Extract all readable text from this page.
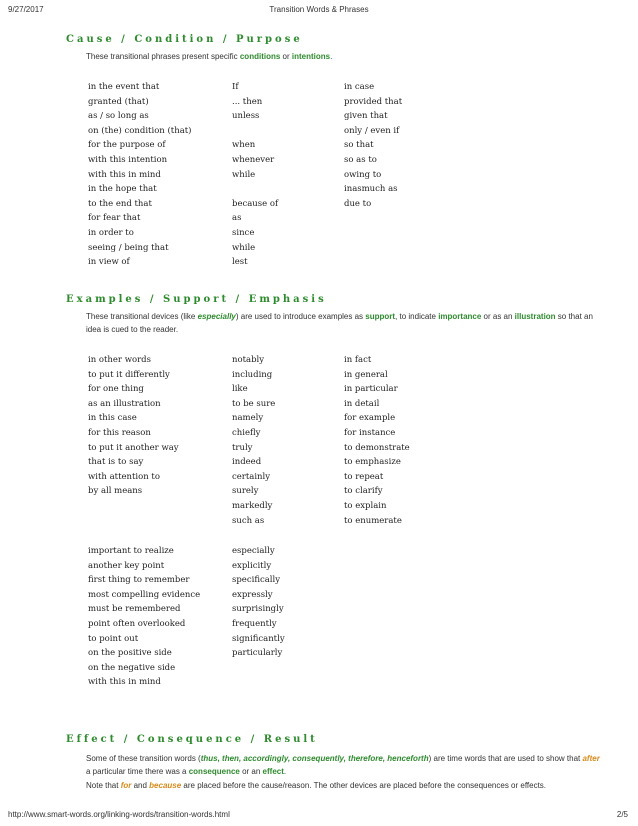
9/27/2017	Transition Words & Phrases
Cause / Condition / Purpose
These transitional phrases present specific conditions or intentions.
in the event that
granted (that)
as / so long as
on (the) condition (that)
for the purpose of
with this intention
with this in mind
in the hope that
to the end that
for fear that
in order to
seeing / being that
in view of
If
... then
unless
when
whenever
while
because of
as
since
while
lest
in case
provided that
given that
only / even if
so that
so as to
owing to
inasmuch as
due to
Examples / Support / Emphasis
These transitional devices (like especially) are used to introduce examples as support, to indicate importance or as an illustration so that an idea is cued to the reader.
in other words
to put it differently
for one thing
as an illustration
in this case
for this reason
to put it another way
that is to say
with attention to
by all means
notably
including
like
to be sure
namely
chiefly
truly
indeed
certainly
surely
markedly
such as
in fact
in general
in particular
in detail
for example
for instance
to demonstrate
to emphasize
to repeat
to clarify
to explain
to enumerate
important to realize
another key point
first thing to remember
most compelling evidence
must be remembered
point often overlooked
to point out
on the positive side
on the negative side
with this in mind
especially
explicitly
specifically
expressly
surprisingly
frequently
significantly
particularly
Effect / Consequence / Result
Some of these transition words (thus, then, accordingly, consequently, therefore, henceforth) are time words that are used to show that after a particular time there was a consequence or an effect.
Note that for and because are placed before the cause/reason. The other devices are placed before the consequences or effects.
http://www.smart-words.org/linking-words/transition-words.html	2/5
